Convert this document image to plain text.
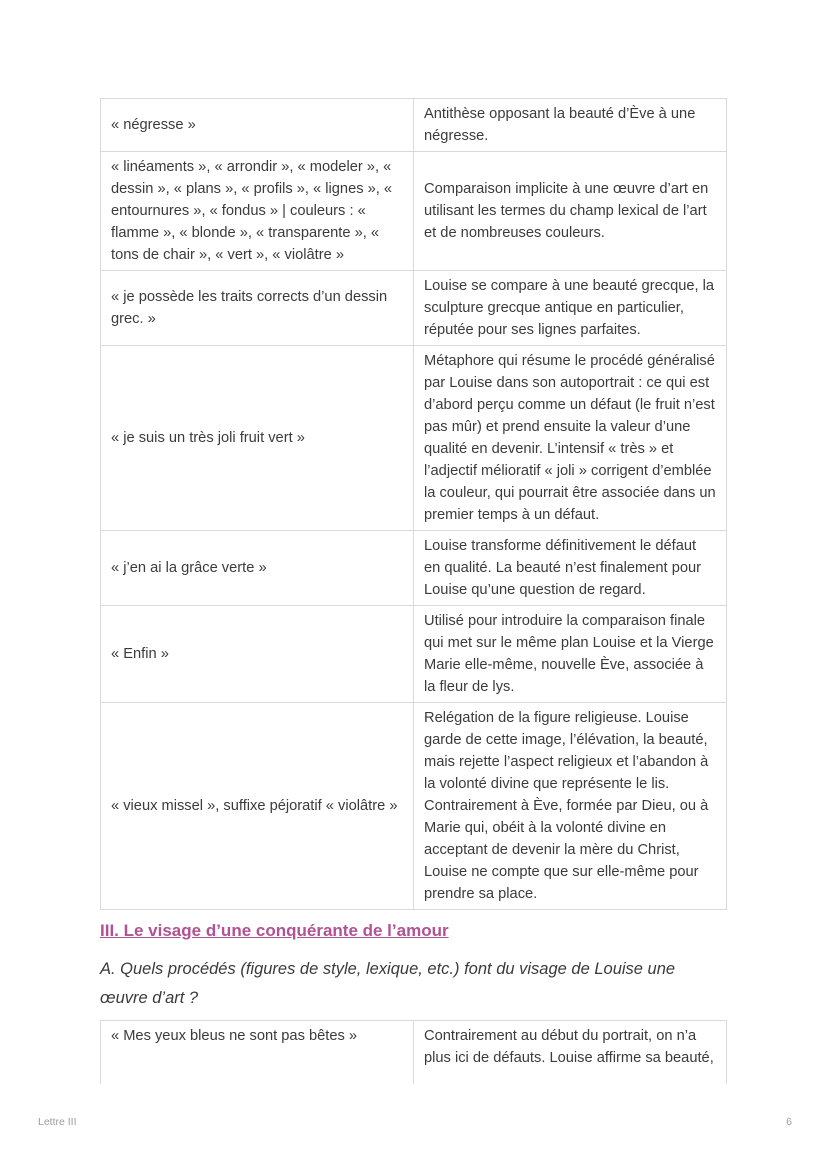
« négresse »	Antithèse opposant la beauté d’Ève à une négresse.
« linéaments », « arrondir », « modeler », « dessin », « plans », « profils », « lignes », « entournures », « fondus » | couleurs : « flamme », « blonde », « transparente », « tons de chair », « vert », « violâtre »	Comparaison implicite à une œuvre d’art en utilisant les termes du champ lexical de l’art et de nombreuses couleurs.
« je possède les traits corrects d’un dessin grec. »	Louise se compare à une beauté grecque, la sculpture grecque antique en particulier, réputée pour ses lignes parfaites.
« je suis un très joli fruit vert »	Métaphore qui résume le procédé généralisé par Louise dans son autoportrait : ce qui est d’abord perçu comme un défaut (le fruit n’est pas mûr) et prend ensuite la valeur d’une qualité en devenir. L’intensif « très » et l’adjectif mélioratif « joli » corrigent d’emblée la couleur, qui pourrait être associée dans un premier temps à un défaut.
« j’en ai la grâce verte »	Louise transforme définitivement le défaut en qualité. La beauté n’est finalement pour Louise qu’une question de regard.
« Enfin »	Utilisé pour introduire la comparaison finale qui met sur le même plan Louise et la Vierge Marie elle-même, nouvelle Ève, associée à la fleur de lys.
« vieux missel », suffixe péjoratif « violâtre »	Relégation de la figure religieuse. Louise garde de cette image, l’élévation, la beauté, mais rejette l’aspect religieux et l’abandon à la volonté divine que représente le lis. Contrairement à Ève, formée par Dieu, ou à Marie qui, obéit à la volonté divine en acceptant de devenir la mère du Christ, Louise ne compte que sur elle-même pour prendre sa place.
III. Le visage d’une conquérante de l’amour

A. Quels procédés (figures de style, lexique, etc.) font du visage de Louise une œuvre d’art ?

« Mes yeux bleus ne sont pas bêtes »	Contrairement au début du portrait, on n’a plus ici de défauts. Louise affirme sa beauté,
Lettre III	6
